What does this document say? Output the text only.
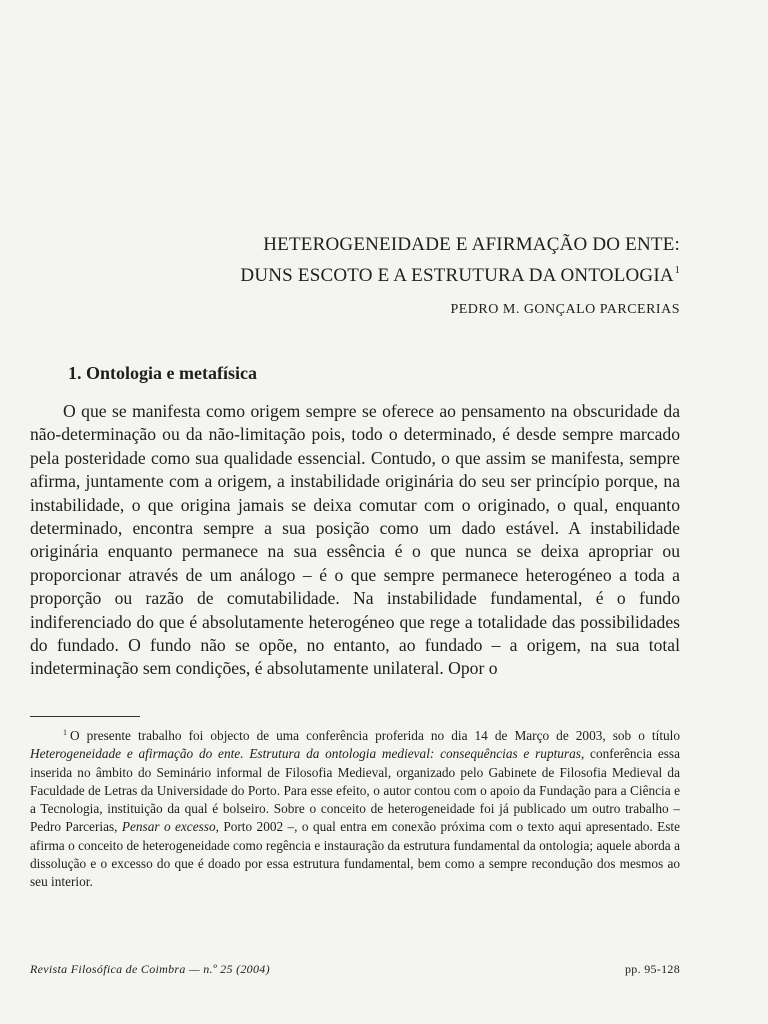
HETEROGENEIDADE E AFIRMAÇÃO DO ENTE:
DUNS ESCOTO E A ESTRUTURA DA ONTOLOGIA$^1$
PEDRO M. GONÇALO PARCERIAS
1. Ontologia e metafísica

O que se manifesta como origem sempre se oferece ao pensamento na obscuridade da não-determinação ou da não-limitação pois, todo o determinado, é desde sempre marcado pela posteridade como sua qualidade essencial. Contudo, o que assim se manifesta, sempre afirma, juntamente com a origem, a instabilidade originária do seu ser princípio porque, na instabilidade, o que origina jamais se deixa comutar com o originado, o qual, enquanto determinado, encontra sempre a sua posição como um dado estável. A instabilidade originária enquanto permanece na sua essência é o que nunca se deixa apropriar ou proporcionar através de um análogo – é o que sempre permanece heterogéneo a toda a proporção ou razão de comutabilidade. Na instabilidade fundamental, é o fundo indiferenciado do que é absolutamente heterogéneo que rege a totalidade das possibilidades do fundado. O fundo não se opõe, no entanto, ao fundado – a origem, na sua total indeterminação sem condições, é absolutamente unilateral. Opor o

$^1$ O presente trabalho foi objecto de uma conferência proferida no dia 14 de Março de 2003, sob o título Heterogeneidade e afirmação do ente. Estrutura da ontologia medieval: consequências e rupturas, conferência essa inserida no âmbito do Seminário informal de Filosofia Medieval, organizado pelo Gabinete de Filosofia Medieval da Faculdade de Letras da Universidade do Porto. Para esse efeito, o autor contou com o apoio da Fundação para a Ciência e a Tecnologia, instituição da qual é bolseiro. Sobre o conceito de heterogeneidade foi já publicado um outro trabalho – Pedro Parcerias, Pensar o excesso, Porto 2002 –, o qual entra em conexão próxima com o texto aqui apresentado. Este afirma o conceito de heterogeneidade como regência e instauração da estrutura fundamental da ontologia; aquele aborda a dissolução e o excesso do que é doado por essa estrutura fundamental, bem como a sempre recondução dos mesmos ao seu interior.

Revista Filosófica de Coimbra — n.º 25 (2004)	pp. 95-128
